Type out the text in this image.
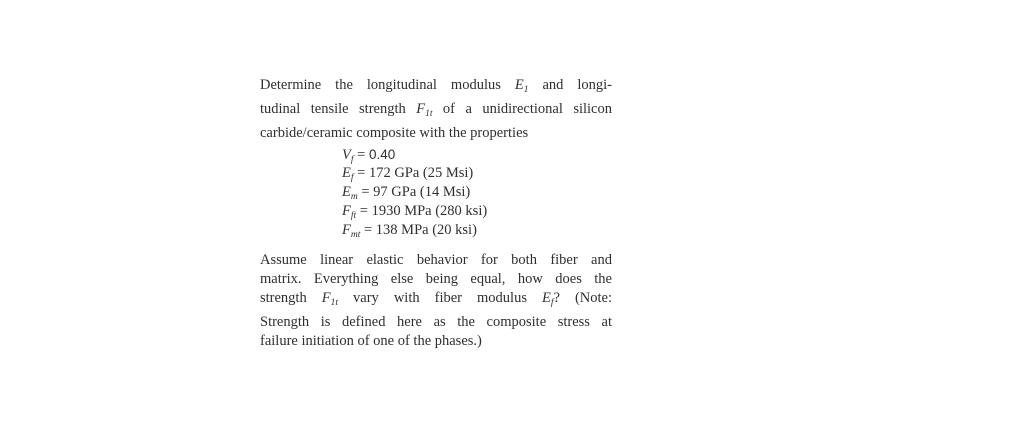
Determine the longitudinal modulus $E_1$ and longi-
tudinal tensile strength $F_{1t}$ of a unidirectional silicon
carbide/ceramic composite with the properties

$V_f = 0.40$
$E_f = 172$ GPa (25 Msi)
$E_m = 97$ GPa (14 Msi)
$F_{ft} = 1930$ MPa (280 ksi)
$F_{mt} = 138$ MPa (20 ksi)

Assume linear elastic behavior for both fiber and
matrix. Everything else being equal, how does the
strength $F_{1t}$ vary with fiber modulus $E_f$? (Note:
Strength is defined here as the composite stress at
failure initiation of one of the phases.)
